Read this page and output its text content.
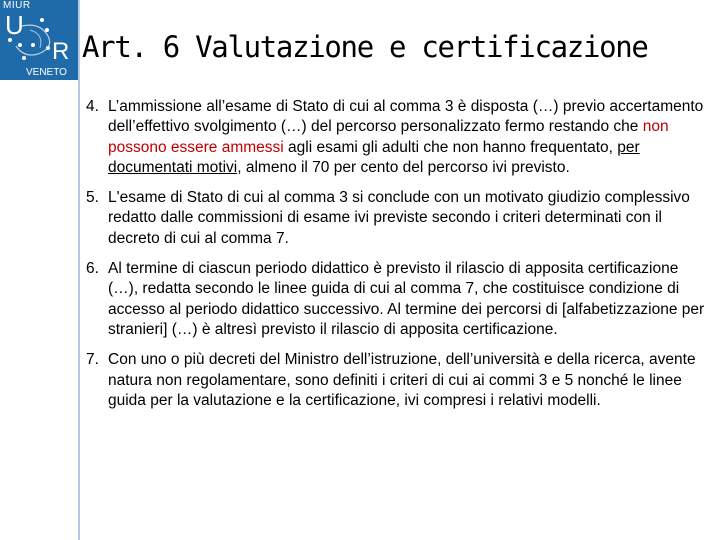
MIUR
U
R
VENETO
Art. 6 Valutazione e certificazione
4. L’ammissione all’esame di Stato di cui al comma 3 è disposta (…) previo accertamento dell’effettivo svolgimento (…) del percorso personalizzato fermo restando che non possono essere ammessi agli esami gli adulti che non hanno frequentato, per documentati motivi, almeno il 70 per cento del percorso ivi previsto.
5. L'esame di Stato di cui al comma 3 si conclude con un motivato giudizio complessivo redatto dalle commissioni di esame ivi previste secondo i criteri determinati con il decreto di cui al comma 7.
6. Al termine di ciascun periodo didattico è previsto il rilascio di apposita certificazione (…), redatta secondo le linee guida di cui al comma 7, che costituisce condizione di accesso al periodo didattico successivo. Al termine dei percorsi di [alfabetizzazione per stranieri] (…) è altresì previsto il rilascio di apposita certificazione.
7. Con uno o più decreti del Ministro dell’istruzione, dell’università e della ricerca, avente natura non regolamentare, sono definiti i criteri di cui ai commi 3 e 5 nonché le linee guida per la valutazione e la certificazione, ivi compresi i relativi modelli.
